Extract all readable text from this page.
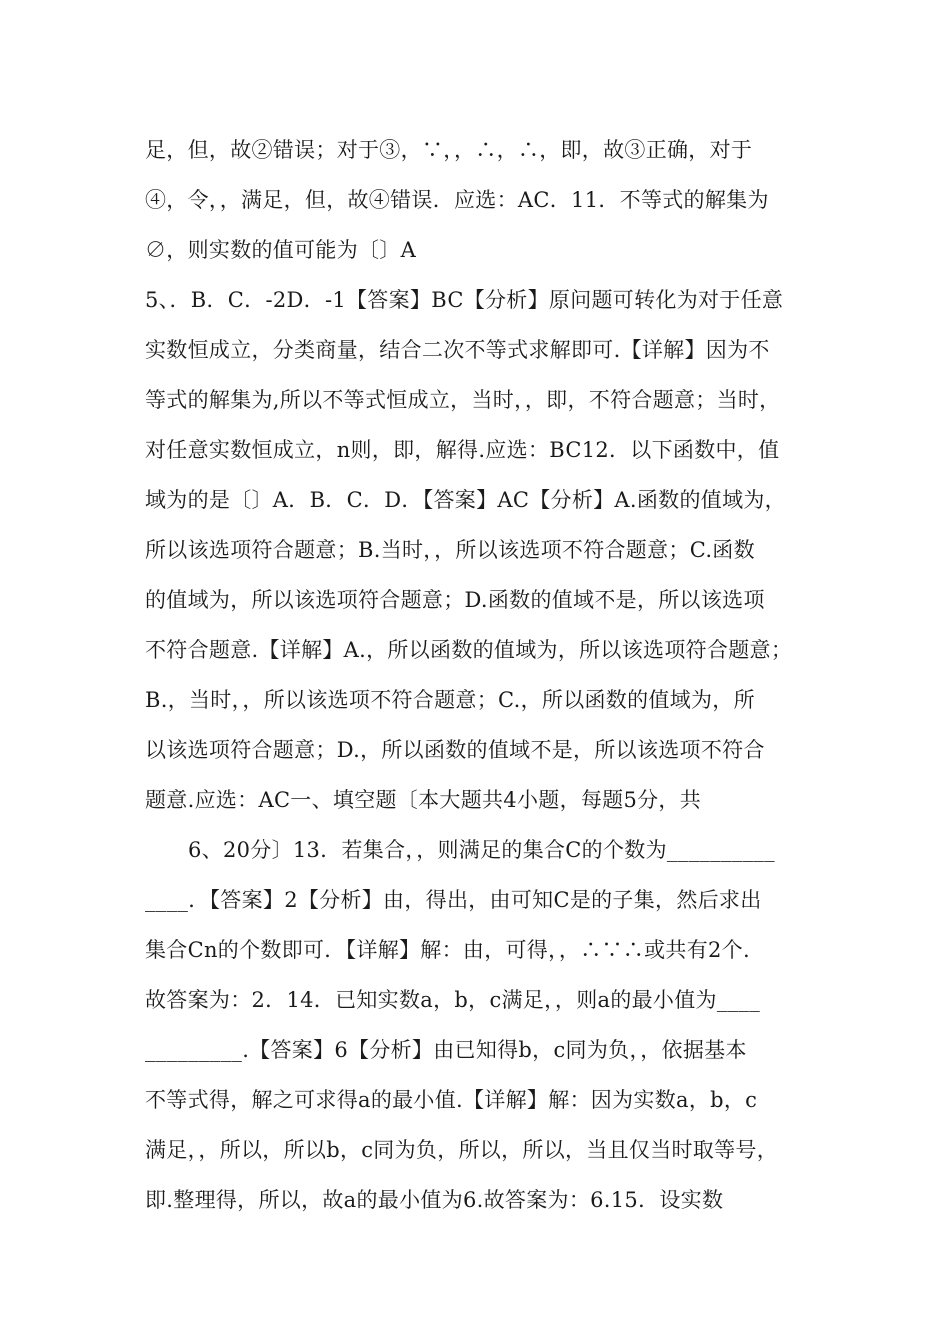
足，但，故②错误；对于③，∵，，∴，∴，即，故③正确，对于
④，令，，满足，但，故④错误．应选：AC．11．不等式的解集为
∅，则实数的值可能为〔〕A
5、．B．C．-2D．-1【答案】BC【分析】原问题可转化为对于任意
实数恒成立，分类商量，结合二次不等式求解即可.【详解】因为不
等式的解集为,所以不等式恒成立，当时，，即，不符合题意；当时，
对任意实数恒成立，n则，即，解得.应选：BC12．以下函数中，值
域为的是〔〕A．B．C．D．【答案】AC【分析】A.函数的值域为，
所以该选项符合题意；B.当时，，所以该选项不符合题意；C.函数
的值域为，所以该选项符合题意；D.函数的值域不是，所以该选项
不符合题意.【详解】A.，所以函数的值域为，所以该选项符合题意；
B.，当时，，所以该选项不符合题意；C.，所以函数的值域为，所
以该选项符合题意；D.，所以函数的值域不是，所以该选项不符合
题意.应选：AC一、填空题〔本大题共4小题，每题5分，共
6、20分〕13．若集合，，则满足的集合C的个数为__________
____．【答案】2【分析】由，得出，由可知C是的子集，然后求出
集合Cn的个数即可．【详解】解：由，可得，，∴∵∴或共有2个.
故答案为：2．14．已知实数a，b，c满足，，则a的最小值为____
_________.【答案】6【分析】由已知得b，c同为负，，依据基本
不等式得，解之可求得a的最小值.【详解】解：因为实数a，b，c
满足，，所以，所以b，c同为负，所以，所以，当且仅当时取等号，
即.整理得，所以，故a的最小值为6.故答案为：6.15．设实数
